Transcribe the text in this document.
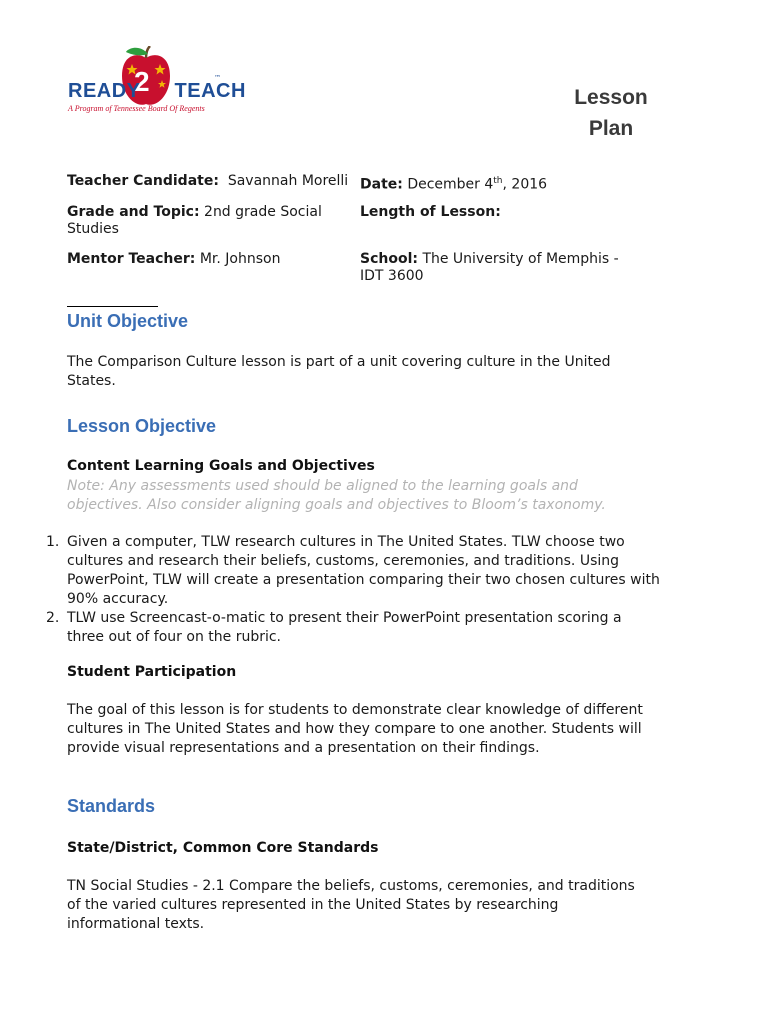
2
READY TEACH
™
A Program of Tennessee Board Of Regents	Lesson
Plan
Teacher Candidate: Savannah Morelli Date: December 4th, 2016
Grade and Topic: 2nd grade Social Studies
Length of Lesson:
Mentor Teacher: Mr. Johnson	School: The University of Memphis - IDT 3600
Unit Objective
The Comparison Culture lesson is part of a unit covering culture in the United States.
Lesson Objective
Content Learning Goals and Objectives
Note: Any assessments used should be aligned to the learning goals and objectives. Also consider aligning goals and objectives to Bloom’s taxonomy.
1. Given a computer, TLW research cultures in The United States. TLW choose two cultures and research their beliefs, customs, ceremonies, and traditions. Using PowerPoint, TLW will create a presentation comparing their two chosen cultures with 90% accuracy.
2. TLW use Screencast-o-matic to present their PowerPoint presentation scoring a three out of four on the rubric.
Student Participation
The goal of this lesson is for students to demonstrate clear knowledge of different cultures in The United States and how they compare to one another. Students will provide visual representations and a presentation on their findings.
Standards
State/District, Common Core Standards
TN Social Studies - 2.1 Compare the beliefs, customs, ceremonies, and traditions of the varied cultures represented in the United States by researching informational texts.
